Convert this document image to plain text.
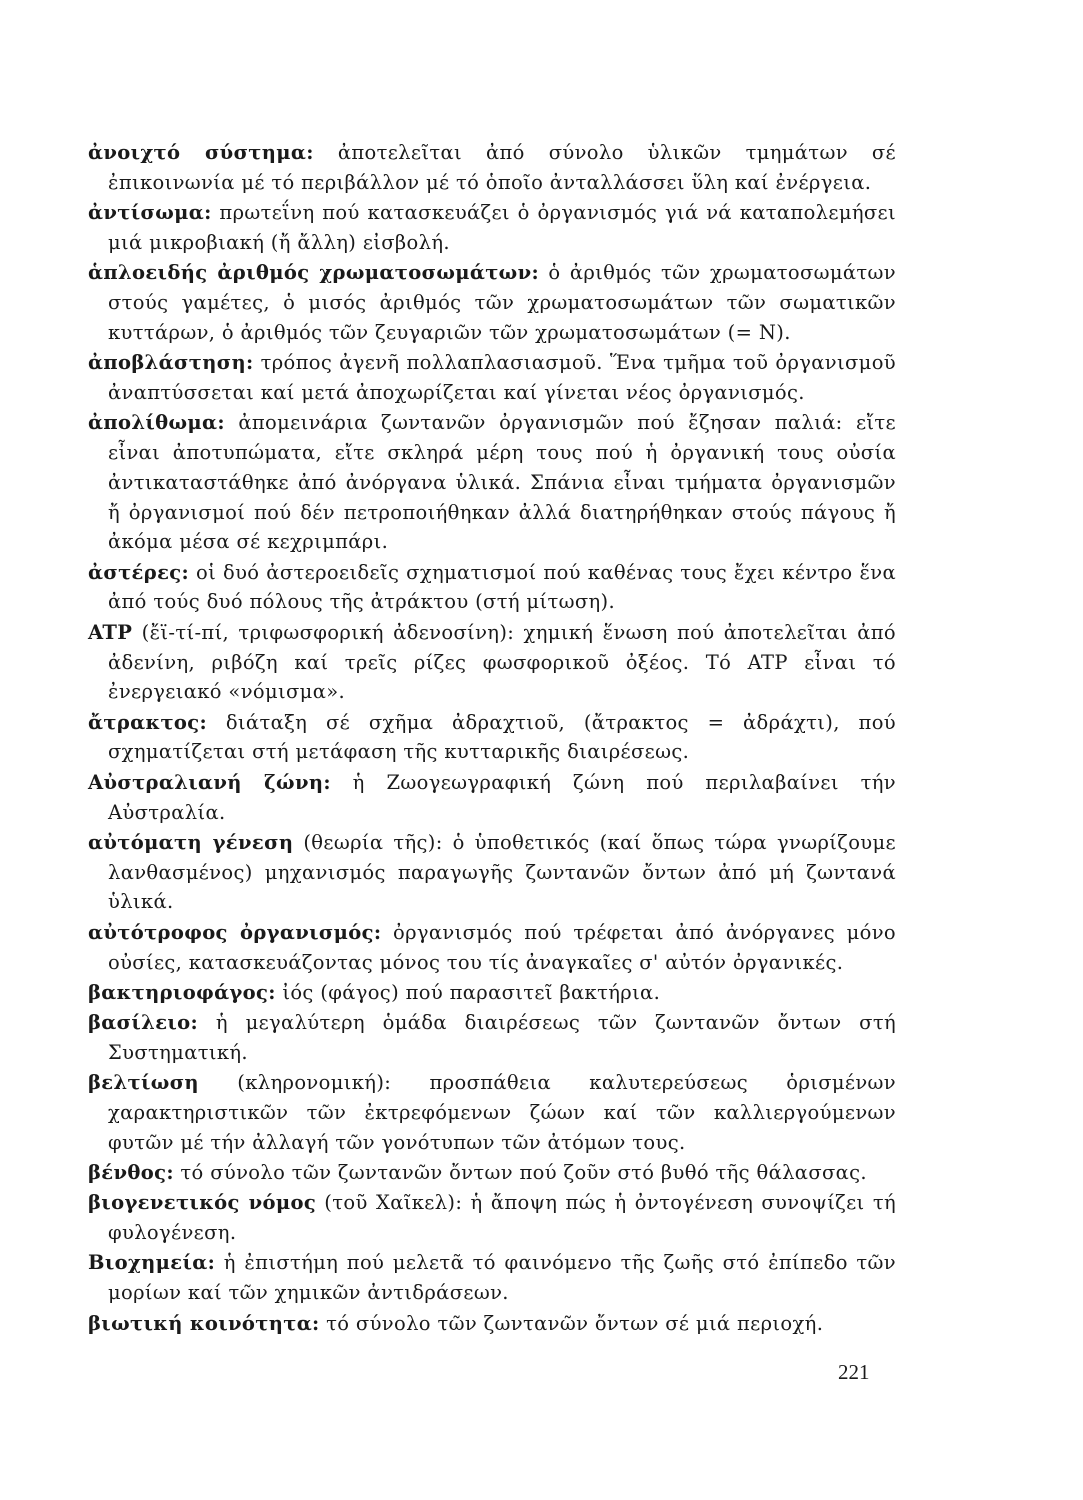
ἀνοιχτό σύστημα: ἀποτελεῖται ἀπό σύνολο ὑλικῶν τμημάτων σέ ἐπικοινωνία μέ τό περιβάλλον μέ τό ὁποῖο ἀνταλλάσσει ὕλη καί ἐνέργεια.

ἀντίσωμα: πρωτεΐνη πού κατασκευάζει ὁ ὀργανισμός γιά νά καταπολεμήσει μιά μικροβιακή (ἤ ἄλλη) εἰσβολή.

ἁπλοειδής ἀριθμός χρωματοσωμάτων: ὁ ἀριθμός τῶν χρωματοσωμάτων στούς γαμέτες, ὁ μισός ἀριθμός τῶν χρωματοσωμάτων τῶν σωματικῶν κυττάρων, ὁ ἀριθμός τῶν ζευγαριῶν τῶν χρωματοσωμάτων (= N).

ἀποβλάστηση: τρόπος ἀγενῆ πολλαπλασιασμοῦ. Ἕνα τμῆμα τοῦ ὀργανισμοῦ ἀναπτύσσεται καί μετά ἀποχωρίζεται καί γίνεται νέος ὀργανισμός.

ἀπολίθωμα: ἀπομεινάρια ζωντανῶν ὀργανισμῶν πού ἔζησαν παλιά: εἴτε εἶναι ἀποτυπώματα, εἴτε σκληρά μέρη τους πού ἡ ὀργανική τους οὐσία ἀντικαταστάθηκε ἀπό ἀνόργανα ὑλικά. Σπάνια εἶναι τμήματα ὀργανισμῶν ἤ ὀργανισμοί πού δέν πετροποιήθηκαν ἀλλά διατηρήθηκαν στούς πάγους ἤ ἀκόμα μέσα σέ κεχριμπάρι.

ἀστέρες: οἱ δυό ἀστεροειδεῖς σχηματισμοί πού καθένας τους ἔχει κέντρο ἕνα ἀπό τούς δυό πόλους τῆς ἀτράκτου (στή μίτωση).

ATP (ἔϊ-τί-πί, τριφωσφορική ἀδενοσίνη): χημική ἕνωση πού ἀποτελεῖται ἀπό ἀδενίνη, ριβόζη καί τρεῖς ρίζες φωσφορικοῦ ὀξέος. Τό ATP εἶναι τό ἐνεργειακό «νόμισμα».

ἄτρακτος: διάταξη σέ σχῆμα ἀδραχτιοῦ, (ἄτρακτος = ἀδράχτι), πού σχηματίζεται στή μετάφαση τῆς κυτταρικῆς διαιρέσεως.

Αὐστραλιανή ζώνη: ἡ Ζωογεωγραφική ζώνη πού περιλαβαίνει τήν Αὐστραλία.

αὐτόματη γένεση (θεωρία τῆς): ὁ ὑποθετικός (καί ὅπως τώρα γνωρίζουμε λανθασμένος) μηχανισμός παραγωγῆς ζωντανῶν ὄντων ἀπό μή ζωντανά ὑλικά.

αὐτότροφος ὀργανισμός: ὀργανισμός πού τρέφεται ἀπό ἀνόργανες μόνο οὐσίες, κατασκευάζοντας μόνος του τίς ἀναγκαῖες σ' αὐτόν ὀργανικές.

βακτηριοφάγος: ἰός (φάγος) πού παρασιτεῖ βακτήρια.

βασίλειο: ἡ μεγαλύτερη ὁμάδα διαιρέσεως τῶν ζωντανῶν ὄντων στή Συστηματική.

βελτίωση (κληρονομική): προσπάθεια καλυτερεύσεως ὁρισμένων χαρακτηριστικῶν τῶν ἐκτρεφόμενων ζώων καί τῶν καλλιεργούμενων φυτῶν μέ τήν ἀλλαγή τῶν γονότυπων τῶν ἀτόμων τους.

βένθος: τό σύνολο τῶν ζωντανῶν ὄντων πού ζοῦν στό βυθό τῆς θάλασσας.

βιογενετικός νόμος (τοῦ Χαῖκελ): ἡ ἄποψη πώς ἡ ὀντογένεση συνοψίζει τή φυλογένεση.

Βιοχημεία: ἡ ἐπιστήμη πού μελετᾶ τό φαινόμενο τῆς ζωῆς στό ἐπίπεδο τῶν μορίων καί τῶν χημικῶν ἀντιδράσεων.

βιωτική κοινότητα: τό σύνολο τῶν ζωντανῶν ὄντων σέ μιά περιοχή.

221
